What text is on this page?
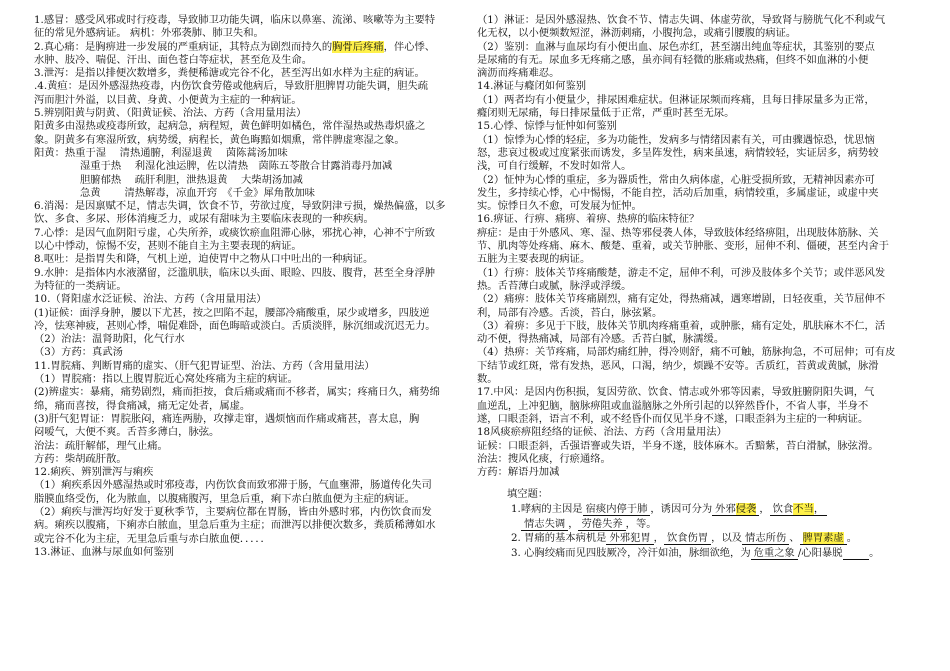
1.感冒：感受风邪或时行疫毒，导致肺卫功能失调，临床以鼻塞、流涕、咳嗽等为主要特

征的常见外感病证。 病机：外邪袭肺、肺卫失和。

2.真心痛：是胸痹进一步发展的严重病证，其特点为剧烈而持久的胸骨后疼痛，伴心悸、

水肿、肢冷、喘促、汗出、面色苍白等症状，甚至危及生命。

3.泄泻：是指以排便次数增多，粪便稀溏或完谷不化，甚至泻出如水样为主症的病证。

.4.黄疸：是因外感湿热疫毒，内伤饮食劳倦或他病后，导致肝胆脾胃功能失调，胆失疏

泻而胆汁外溢，以目黄、身黄、小便黄为主症的一种病证。

5.辨别阳黄与阴黄、（阳黄证候、治法、方药（含用量用法）

阳黄多由湿热或疫毒所致，起病急，病程短，黄色鲜明如橘色，常伴湿热或热毒炽盛之

象。阴黄多有寒湿所致，病势缓，病程长，黄色晦黯如烟熏，常伴脾虚寒湿之象。

阳黄：热重于湿　 清热通腑，利湿退黄　 茵陈蒿汤加味

湿重于热　 利湿化浊运脾，佐以清热　茵陈五苓散合甘露消毒丹加减

胆腑郁热　 疏肝利胆，泄热退黄　 大柴胡汤加减

急黄　　 清热解毒，凉血开窍　《千金》犀角散加味

6.消渴：是因禀赋不足，情志失调，饮食不节，劳欲过度，导致阴津亏损，燥热偏盛，以多

饮、多食、多尿、形体消瘦乏力，或尿有甜味为主要临床表现的一种疾病。

7.心悸：是因气血阴阳亏虚，心失所养，或痰饮瘀血阻滞心脉，邪扰心神，心神不宁所致

以心中悸动，惊惕不安，甚则不能自主为主要表现的病证。

8.呕吐：是指胃失和降，气机上逆，迫使胃中之物从口中吐出的一种病证。

9.水肿：是指体内水液潴留，泛滥肌肤，临床以头面、眼睑、四肢、腹背，甚至全身浮肿

为特征的一类病证。

10.（肾阳虚水泛证候、治法、方药（含用量用法）

(1)证候：面浮身肿，腰以下尤甚，按之凹陷不起，腰部冷痛酸重，尿少或增多，四肢逆

冷，怯寒神疲，甚则心悸，喘促难卧，面色晦暗或淡白。舌质淡胖，脉沉细或沉迟无力。

（2）治法：温肾助阳，化气行水

（3）方药：真武汤

11.胃脘痛、判断胃痛的虚实、（肝气犯胃证型、治法、方药（含用量用法）

（1）胃脘痛：指以上腹胃脘近心窝处疼痛为主症的病证。

(2)辨虚实：暴痛，痛势剧烈，痛而拒按，食后痛或痛而不移者，属实；疼痛日久，痛势绵

绵，痛而喜按，得食痛减，痛无定处者，属虚。

(3)肝气犯胃证：胃脘胀闷，痛连两胁，攻撑走窜，遇烦恼而作痛或痛甚，喜太息，胸

闷嗳气，大便不爽。舌苔多薄白，脉弦。

治法：疏肝解郁，理气止痛。

方药：柴胡疏肝散。

12.痢疾、辨别泄泻与痢疾

（1）痢疾系因外感湿热或时邪疫毒，内伤饮食而致邪滞于肠，气血壅滞，肠道传化失司

脂膜血络受伤，化为脓血，以腹痛腹泻，里急后重，痢下赤白脓血便为主症的病证。

（2）痢疾与泄泻均好发于夏秋季节，主要病位都在胃肠，皆由外感时邪，内伤饮食而发

病。痢疾以腹痛，下痢赤白脓血，里急后重为主症；而泄泻以排便次数多，粪质稀薄如水

或完谷不化为主症，无里急后重与赤白脓血便．．．．．

13.淋证、血淋与尿血如何鉴别

（1）淋证：是因外感湿热、饮食不节、情志失调、体虚劳欲，导致肾与膀胱气化不利或气

化无权，以小便频数短涩，淋沥刺痛，小腹拘急，或痛引腰腹的病证。

（2）鉴别：血淋与血尿均有小便出血、尿色赤红，甚至溺出纯血等症状，其鉴别的要点

是尿痛的有无。尿血多无疼痛之感，虽亦间有轻微的胀痛或热痛，但终不如血淋的小便

滴沥而疼痛难忍。

14.淋证与癃闭如何鉴别

（1）两者均有小便量少，排尿困难症状。但淋证尿频而疼痛，且每日排尿量多为正常，

癃闭则无尿痛，每日排尿量低于正常，严重时甚至无尿。

15.心悸、惊悸与怔忡如何鉴别

（1）惊悸为心悸的轻症，多为功能性，发病多与情绪因素有关，可由骤遇惊恐，忧思恼

怒，悲哀过极或过度紧张而诱发，多呈阵发性，病来虽速，病情较轻，实证居多，病势较

浅，可自行缓解，不发时如常人。

（2）怔忡为心悸的重症，多为器质性，常由久病体虚，心脏受损所致，无精神因素亦可

发生，多持续心悸，心中惕惕，不能自控，活动后加重，病情较重，多属虚证，或虚中夹

实。惊悸日久不愈，可发展为怔忡。

16.痹证、行痹、痛痹、着痹、热痹的临床特征？

痹症：是由于外感风、寒、湿、热等邪侵袭人体，导致肢体经络痹阻，出现肢体筋脉、关

节、肌肉等处疼痛、麻木、酸楚、重着，或关节肿胀、变形，屈伸不利、僵硬，甚至内舍于

五脏为主要表现的病证。

（1）行痹：肢体关节疼痛酸楚，游走不定，屈伸不利，可涉及肢体多个关节；或伴恶风发

热。舌苔薄白或腻，脉浮或浮缓。

（2）痛痹：肢体关节疼痛剧烈，痛有定处，得热痛减，遇寒增剧，日轻夜重，关节屈伸不

利，局部有冷感。舌淡，苔白，脉弦紧。

（3）着痹：多见于下肢，肢体关节肌肉疼痛重着，或肿胀，痛有定处，肌肤麻木不仁，活

动不便，得热痛减，局部有冷感。舌苔白腻，脉濡缓。

（4）热痹：关节疼痛，局部灼痛红肿，得冷则舒，痛不可触，筋脉拘急，不可屈伸；可有皮

下结节或红斑，常有发热，恶风，口渴，纳少，烦躁不安等。舌质红，苔黄或黄腻，脉滑

数。

17.中风：是因内伤积损，复因劳欲、饮食、情志或外邪等因素，导致脏腑阴阳失调，气

血逆乱，上冲犯脑，脑脉痹阻或血溢脑脉之外所引起的以猝然昏仆，不省人事，半身不

遂，口眼歪斜，语言不利，或不经昏仆而仅见半身不遂，口眼歪斜为主症的一种病证。

18风痰瘀痹阻经络的证候、治法、方药（含用量用法）

证候：口眼歪斜，舌强语謇或失语，半身不遂，肢体麻木。舌黯紫，苔白滑腻，脉弦滑。

治法：搜风化痰，行瘀通络。

方药：解语丹加减

填空题：

1.哮病的主因是 宿痰内停于肺 ，诱因可分为 外邪侵袭 ， 饮食不当，

情志失调 ， 劳倦失养 ，等。

2. 胃痛的基本病机是 外邪犯胃 ， 饮食伤胃 ，以及 情志所伤 、 脾胃素虚 。

3. 心胸绞痛而见四肢厥冷，冷汗如油，脉细欲绝，为 危重之象 /心阳暴脱　　	。
